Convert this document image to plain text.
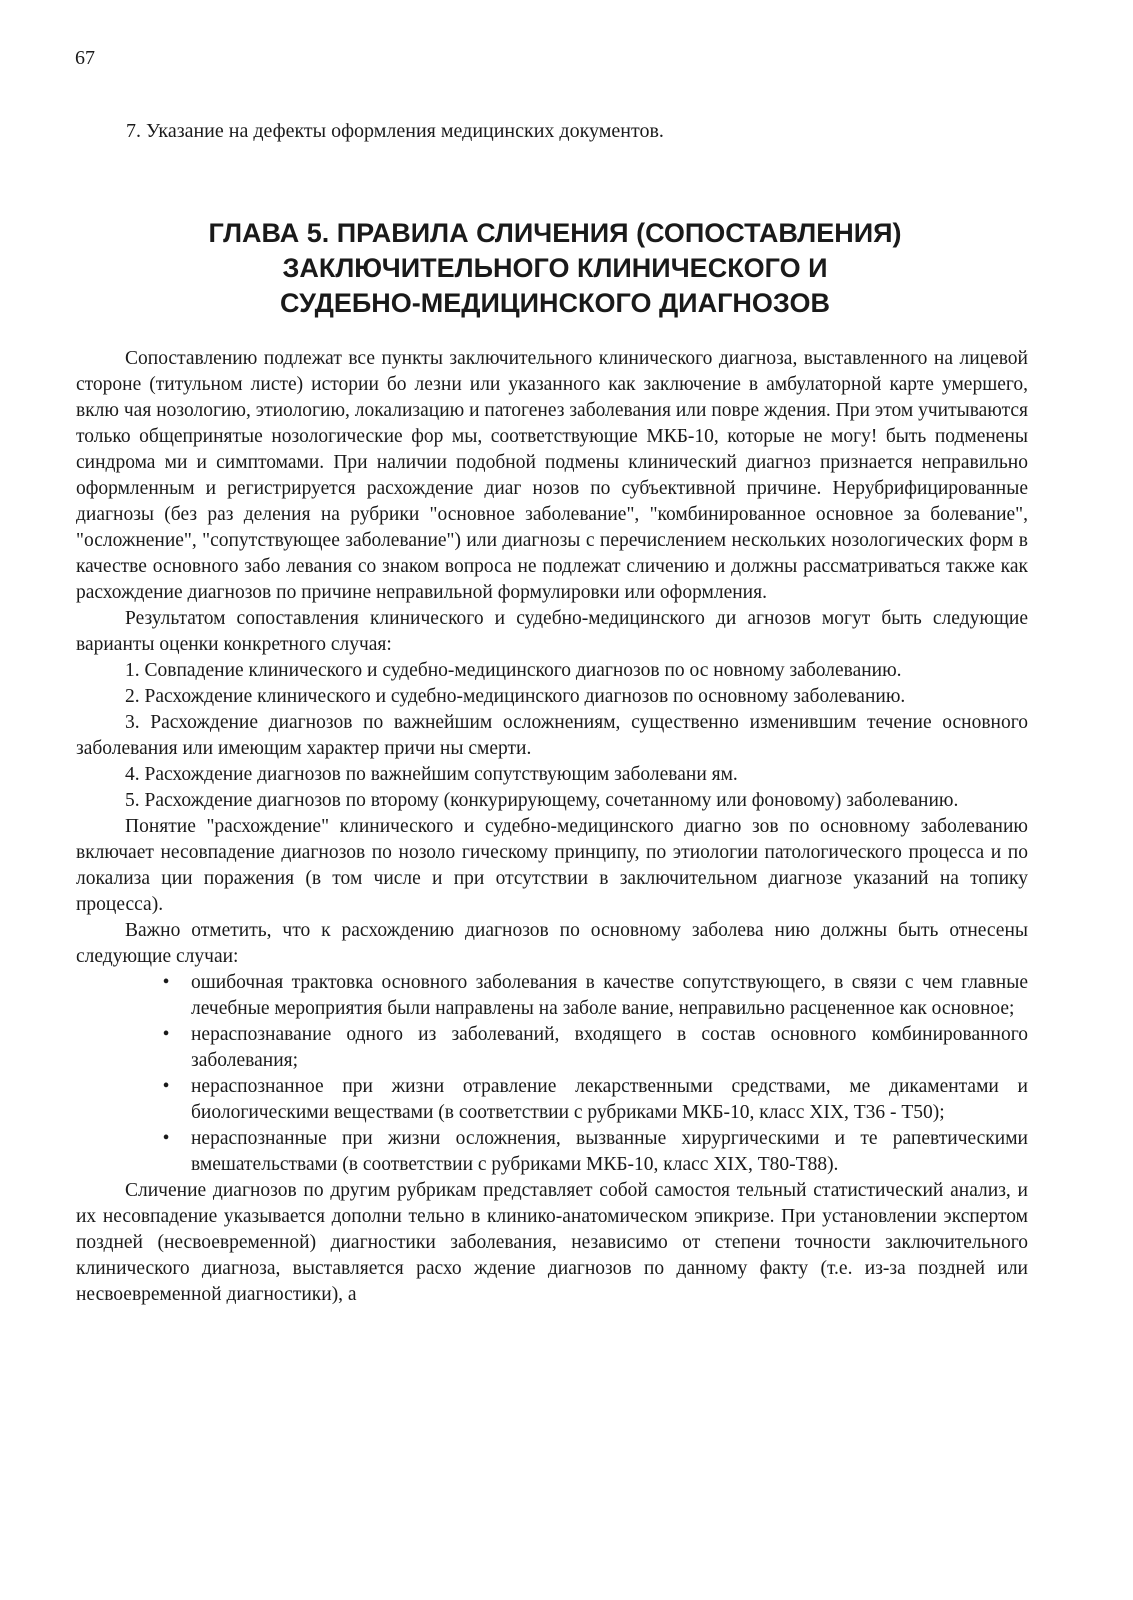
67
7. Указание на дефекты оформления медицинских документов.
ГЛАВА 5. ПРАВИЛА СЛИЧЕНИЯ (СОПОСТАВЛЕНИЯ)
ЗАКЛЮЧИТЕЛЬНОГО КЛИНИЧЕСКОГО И
СУДЕБНО-МЕДИЦИНСКОГО ДИАГНОЗОВ

Сопоставлению подлежат все пункты заключительного клинического диагноза, выставленного на лицевой стороне (титульном листе) истории бо лезни или указанного как заключение в амбулаторной карте умершего, вклю чая нозологию, этиологию, локализацию и патогенез заболевания или повре ждения. При этом учитываются только общепринятые нозологические фор мы, соответствующие МКБ-10, которые не могу! быть подменены синдрома ми и симптомами. При наличии подобной подмены клинический диагноз признается неправильно оформленным и регистрируется расхождение диаг нозов по субъективной причине. Нерубрифицированные диагнозы (без раз деления на рубрики "основное заболевание", "комбинированное основное за болевание", "осложнение", "сопутствующее заболевание") или диагнозы с перечислением нескольких нозологических форм в качестве основного забо левания со знаком вопроса не подлежат сличению и должны рассматриваться также как расхождение диагнозов по причине неправильной формулировки или оформления.

Результатом сопоставления клинического и судебно-медицинского ди агнозов могут быть следующие варианты оценки конкретного случая:

1. Совпадение клинического и судебно-медицинского диагнозов по ос новному заболеванию.

2. Расхождение клинического и судебно-медицинского диагнозов по основному заболеванию.

3. Расхождение диагнозов по важнейшим осложнениям, существенно изменившим течение основного заболевания или имеющим характер причи ны смерти.

4. Расхождение диагнозов по важнейшим сопутствующим заболевани ям.

5. Расхождение диагнозов по второму (конкурирующему, сочетанному или фоновому) заболеванию.

Понятие "расхождение" клинического и судебно-медицинского диагно зов по основному заболеванию включает несовпадение диагнозов по нозоло гическому принципу, по этиологии патологического процесса и по локализа ции поражения (в том числе и при отсутствии в заключительном диагнозе указаний на топику процесса).

Важно отметить, что к расхождению диагнозов по основному заболева нию должны быть отнесены следующие случаи:

•	ошибочная трактовка основного заболевания в качестве сопутствующего, в связи с чем главные лечебные мероприятия были направлены на заболе вание, неправильно расцененное как основное;
•	нераспознавание одного из заболеваний, входящего в состав основного комбинированного заболевания;
•	нераспознанное при жизни отравление лекарственными средствами, ме дикаментами и биологическими веществами (в соответствии с рубриками МКБ-10, класс XIX, Т36 - Т50);
•	нераспознанные при жизни осложнения, вызванные хирургическими и те рапевтическими вмешательствами (в соответствии с рубриками МКБ-10, класс XIX, Т80-Т88).

Сличение диагнозов по другим рубрикам представляет собой самостоя тельный статистический анализ, и их несовпадение указывается дополни тельно в клинико-анатомическом эпикризе. При установлении экспертом поздней (несвоевременной) диагностики заболевания, независимо от степени точности заключительного клинического диагноза, выставляется расхо ждение диагнозов по данному факту (т.е. из-за поздней или несвоевременной диагностики), а
